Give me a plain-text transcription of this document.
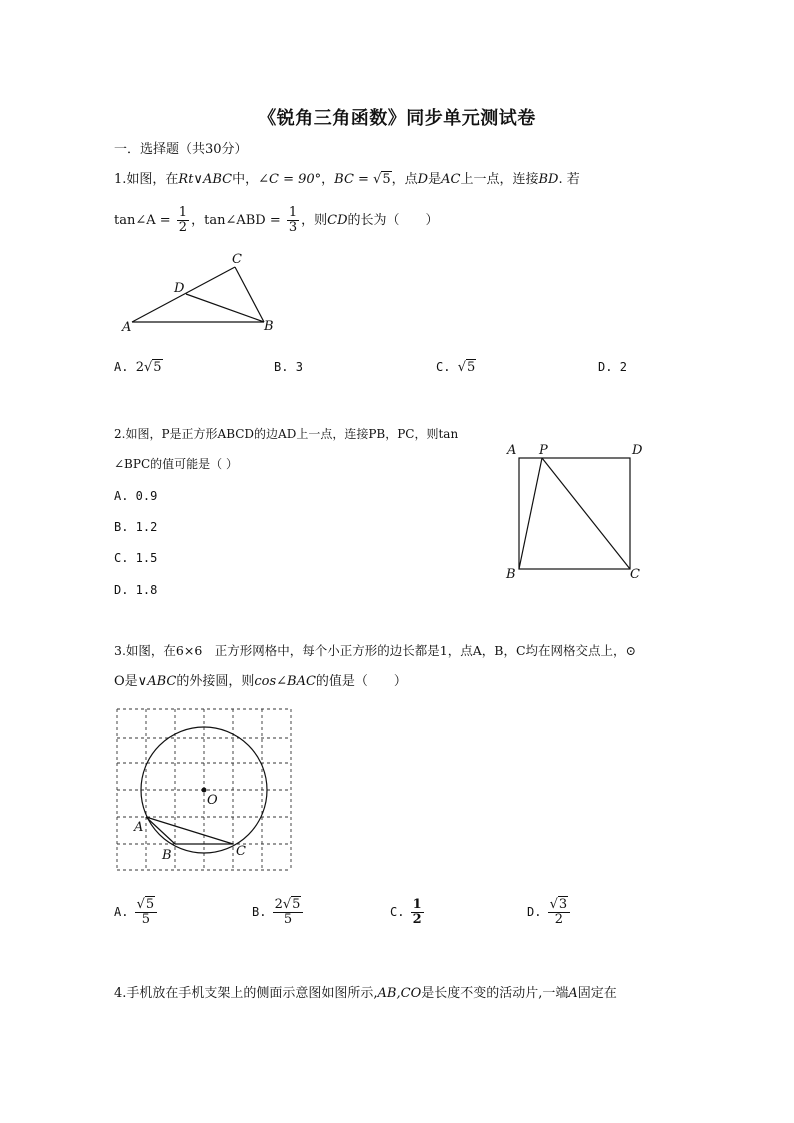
《锐角三角函数》同步单元测试卷
一．选择题（共30分）
1.如图，在Rt∨ABC中，∠C = 90°，BC = √5，点D是AC上一点，连接BD. 若
tan∠A = $\frac{1}{2}$ ，tan∠ABD = $\frac{1}{3}$ ，则CD的长为（　　）
C
D
A	B
A. 2√5	B. 3	C. √5	D. 2
2.如图，P是正方形ABCD的边AD上一点，连接PB，PC，则tan
∠BPC的值可能是（ ）
A. 0.9
B. 1.2
C. 1.5
D. 1.8
A P	D
B	C
3.如图，在6×6　正方形网格中，每个小正方形的边长都是1，点A，B，C均在网格交点上，⊙
O是∨ABC的外接圆，则cos∠BAC的值是（　　）
O
A
B	C
A. $\frac{√5}{5}$	B. $\frac{2√5}{5}$	C. $\frac{1}{2}$	D. $\frac{√3}{2}$
4.手机放在手机支架上的侧面示意图如图所示,AB,CO是长度不变的活动片,一端A固定在
